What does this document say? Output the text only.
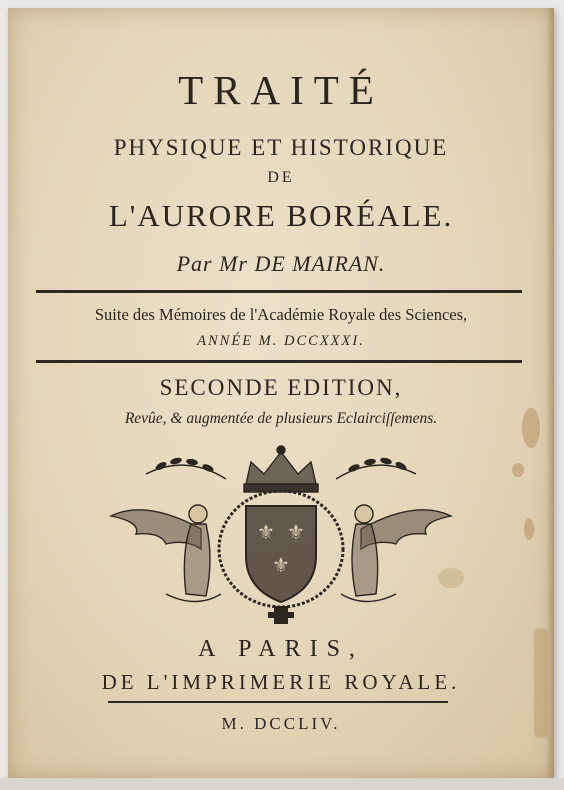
TRAITÉ
PHYSIQUE ET HISTORIQUE
DE
L'AURORE BORÉALE.
Par Mr DE MAIRAN.
Suite des Mémoires de l'Académie Royale des Sciences,
ANNÉE M. DCCXXXI.
SECONDE EDITION,
Revûe, & augmentée de plusieurs Eclairciſſemens.
⚜ ⚜
⚜
A PARIS,
DE L'IMPRIMERIE ROYALE.
M. DCCLIV.
